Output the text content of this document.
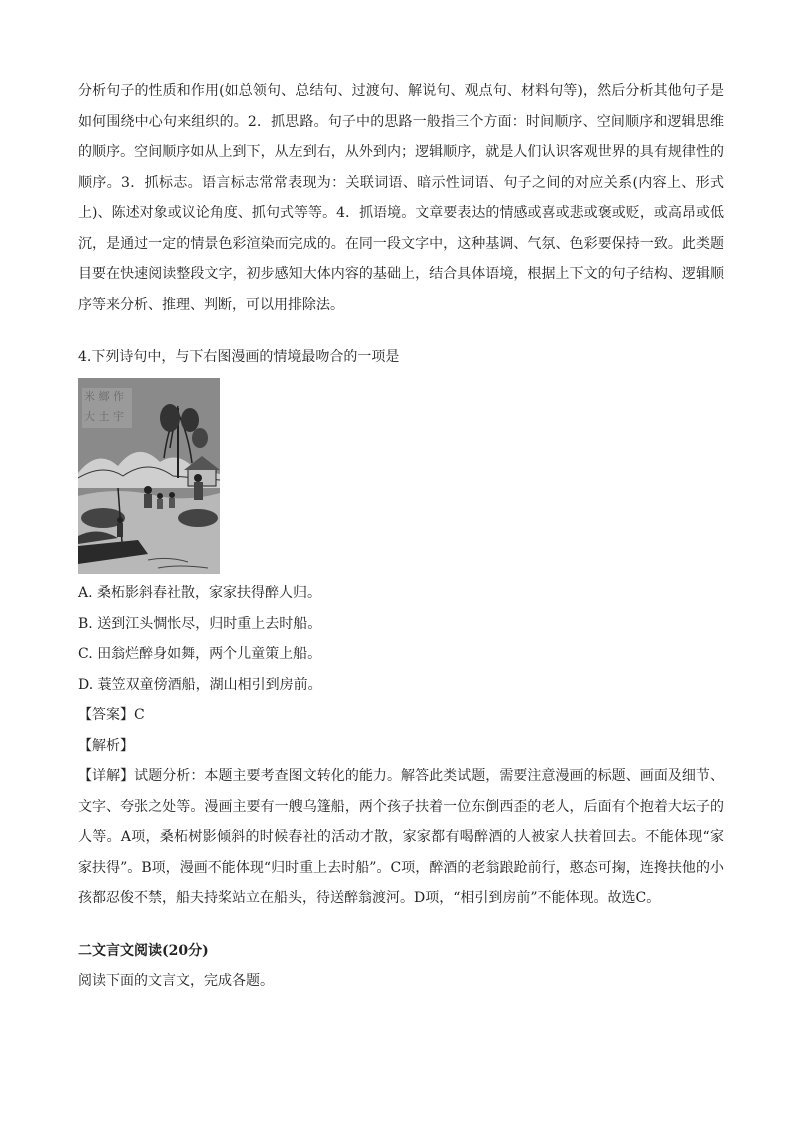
分析句子的性质和作用(如总领句、总结句、过渡句、解说句、观点句、材料句等)，然后分析其他句子是如何围绕中心句来组织的。2．抓思路。句子中的思路一般指三个方面：时间顺序、空间顺序和逻辑思维的顺序。空间顺序如从上到下，从左到右，从外到内；逻辑顺序，就是人们认识客观世界的具有规律性的顺序。3．抓标志。语言标志常常表现为：关联词语、暗示性词语、句子之间的对应关系(内容上、形式上)、陈述对象或议论角度、抓句式等等。4．抓语境。文章要表达的情感或喜或悲或褒或贬，或高昂或低沉，是通过一定的情景色彩渲染而完成的。在同一段文字中，这种基调、气氛、色彩要保持一致。此类题目要在快速阅读整段文字，初步感知大体内容的基础上，结合具体语境，根据上下文的句子结构、逻辑顺序等来分析、推理、判断，可以用排除法。

4.下列诗句中，与下右图漫画的情境最吻合的一项是

米 鄉 作
大 土 宇

A. 桑柘影斜春社散，家家扶得醉人归。

B. 送到江头惆怅尽，归时重上去时船。

C. 田翁烂醉身如舞，两个儿童策上船。

D. 蓑笠双童傍酒船，湖山相引到房前。

【答案】C

【解析】

【详解】试题分析：本题主要考查图文转化的能力。解答此类试题，需要注意漫画的标题、画面及细节、文字、夸张之处等。漫画主要有一艘乌篷船，两个孩子扶着一位东倒西歪的老人，后面有个抱着大坛子的人等。A项，桑柘树影倾斜的时候春社的活动才散，家家都有喝醉酒的人被家人扶着回去。不能体现“家家扶得”。B项，漫画不能体现“归时重上去时船”。C项，醉酒的老翁踉跄前行，憨态可掬，连搀扶他的小孩都忍俊不禁，船夫持桨站立在船头，待送醉翁渡河。D项，“相引到房前”不能体现。故选C。

二文言文阅读(20分)

阅读下面的文言文，完成各题。
